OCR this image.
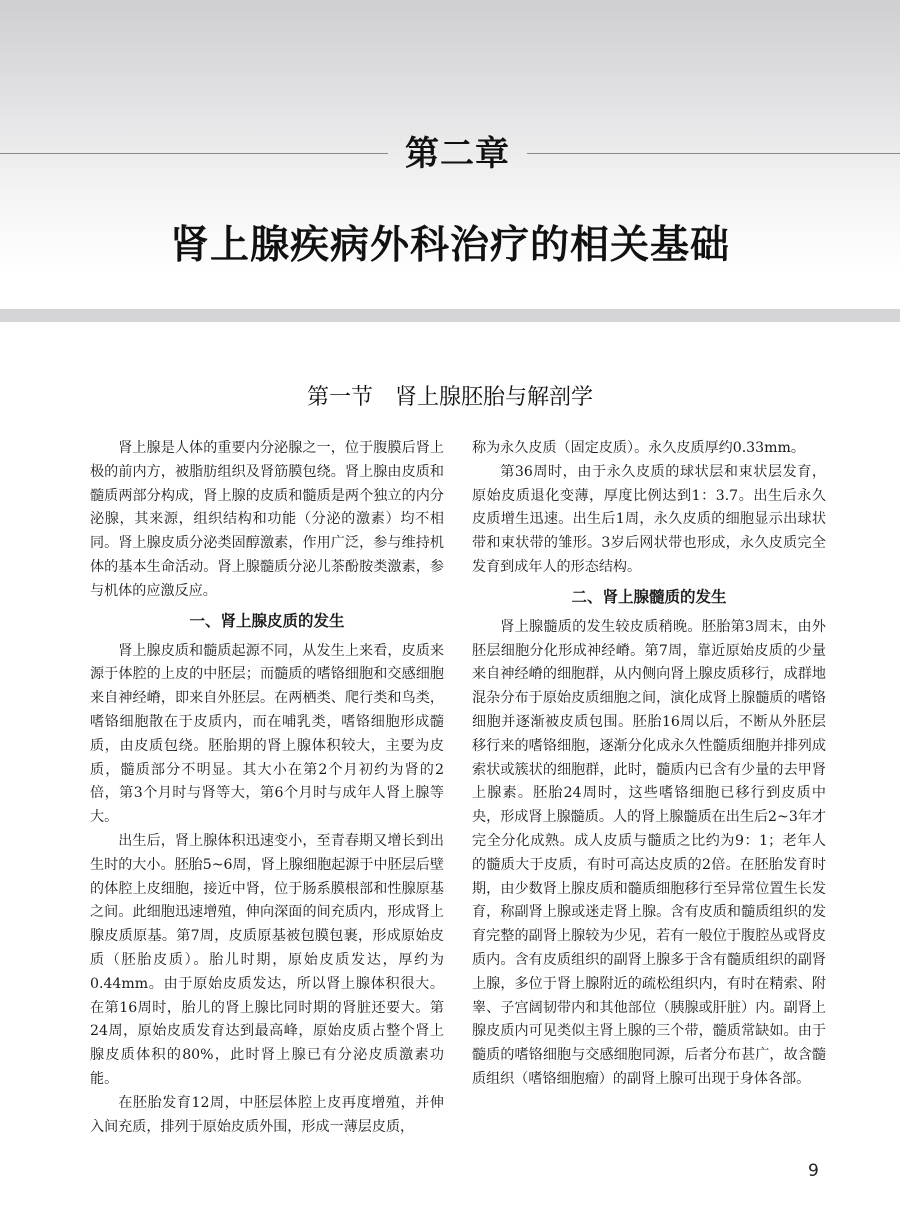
第二章
肾上腺疾病外科治疗的相关基础
第一节 肾上腺胚胎与解剖学

肾上腺是人体的重要内分泌腺之一，位于腹膜后肾上极的前内方，被脂肪组织及肾筋膜包绕。肾上腺由皮质和髓质两部分构成，肾上腺的皮质和髓质是两个独立的内分泌腺，其来源，组织结构和功能（分泌的激素）均不相同。肾上腺皮质分泌类固醇激素，作用广泛，参与维持机体的基本生命活动。肾上腺髓质分泌儿茶酚胺类激素，参与机体的应激反应。

一、肾上腺皮质的发生

肾上腺皮质和髓质起源不同，从发生上来看，皮质来源于体腔的上皮的中胚层；而髓质的嗜铬细胞和交感细胞来自神经嵴，即来自外胚层。在两栖类、爬行类和鸟类，嗜铬细胞散在于皮质内，而在哺乳类，嗜铬细胞形成髓质，由皮质包绕。胚胎期的肾上腺体积较大，主要为皮质，髓质部分不明显。其大小在第2个月初约为肾的2倍，第3个月时与肾等大，第6个月时与成年人肾上腺等大。

出生后，肾上腺体积迅速变小，至青春期又增长到出生时的大小。胚胎5~6周，肾上腺细胞起源于中胚层后壁的体腔上皮细胞，接近中肾，位于肠系膜根部和性腺原基之间。此细胞迅速增殖，伸向深面的间充质内，形成肾上腺皮质原基。第7周，皮质原基被包膜包裹，形成原始皮质（胚胎皮质）。胎儿时期，原始皮质发达，厚约为0.44mm。由于原始皮质发达，所以肾上腺体积很大。在第16周时，胎儿的肾上腺比同时期的肾脏还要大。第24周，原始皮质发育达到最高峰，原始皮质占整个肾上腺皮质体积的80%，此时肾上腺已有分泌皮质激素功能。

在胚胎发育12周，中胚层体腔上皮再度增殖，并伸入间充质，排列于原始皮质外围，形成一薄层皮质，

称为永久皮质（固定皮质）。永久皮质厚约0.33mm。

第36周时，由于永久皮质的球状层和束状层发育，原始皮质退化变薄，厚度比例达到1：3.7。出生后永久皮质增生迅速。出生后1周，永久皮质的细胞显示出球状带和束状带的雏形。3岁后网状带也形成，永久皮质完全发育到成年人的形态结构。

二、肾上腺髓质的发生

肾上腺髓质的发生较皮质稍晚。胚胎第3周末，由外胚层细胞分化形成神经嵴。第7周，靠近原始皮质的少量来自神经嵴的细胞群，从内侧向肾上腺皮质移行，成群地混杂分布于原始皮质细胞之间，演化成肾上腺髓质的嗜铬细胞并逐渐被皮质包围。胚胎16周以后，不断从外胚层移行来的嗜铬细胞，逐渐分化成永久性髓质细胞并排列成索状或簇状的细胞群，此时，髓质内已含有少量的去甲肾上腺素。胚胎24周时，这些嗜铬细胞已移行到皮质中央，形成肾上腺髓质。人的肾上腺髓质在出生后2~3年才完全分化成熟。成人皮质与髓质之比约为9：1；老年人的髓质大于皮质，有时可高达皮质的2倍。在胚胎发育时期，由少数肾上腺皮质和髓质细胞移行至异常位置生长发育，称副肾上腺或迷走肾上腺。含有皮质和髓质组织的发育完整的副肾上腺较为少见，若有一般位于腹腔丛或肾皮质内。含有皮质组织的副肾上腺多于含有髓质组织的副肾上腺，多位于肾上腺附近的疏松组织内，有时在精索、附睾、子宫阔韧带内和其他部位（胰腺或肝脏）内。副肾上腺皮质内可见类似主肾上腺的三个带，髓质常缺如。由于髓质的嗜铬细胞与交感细胞同源，后者分布甚广，故含髓质组织（嗜铬细胞瘤）的副肾上腺可出现于身体各部。

9
